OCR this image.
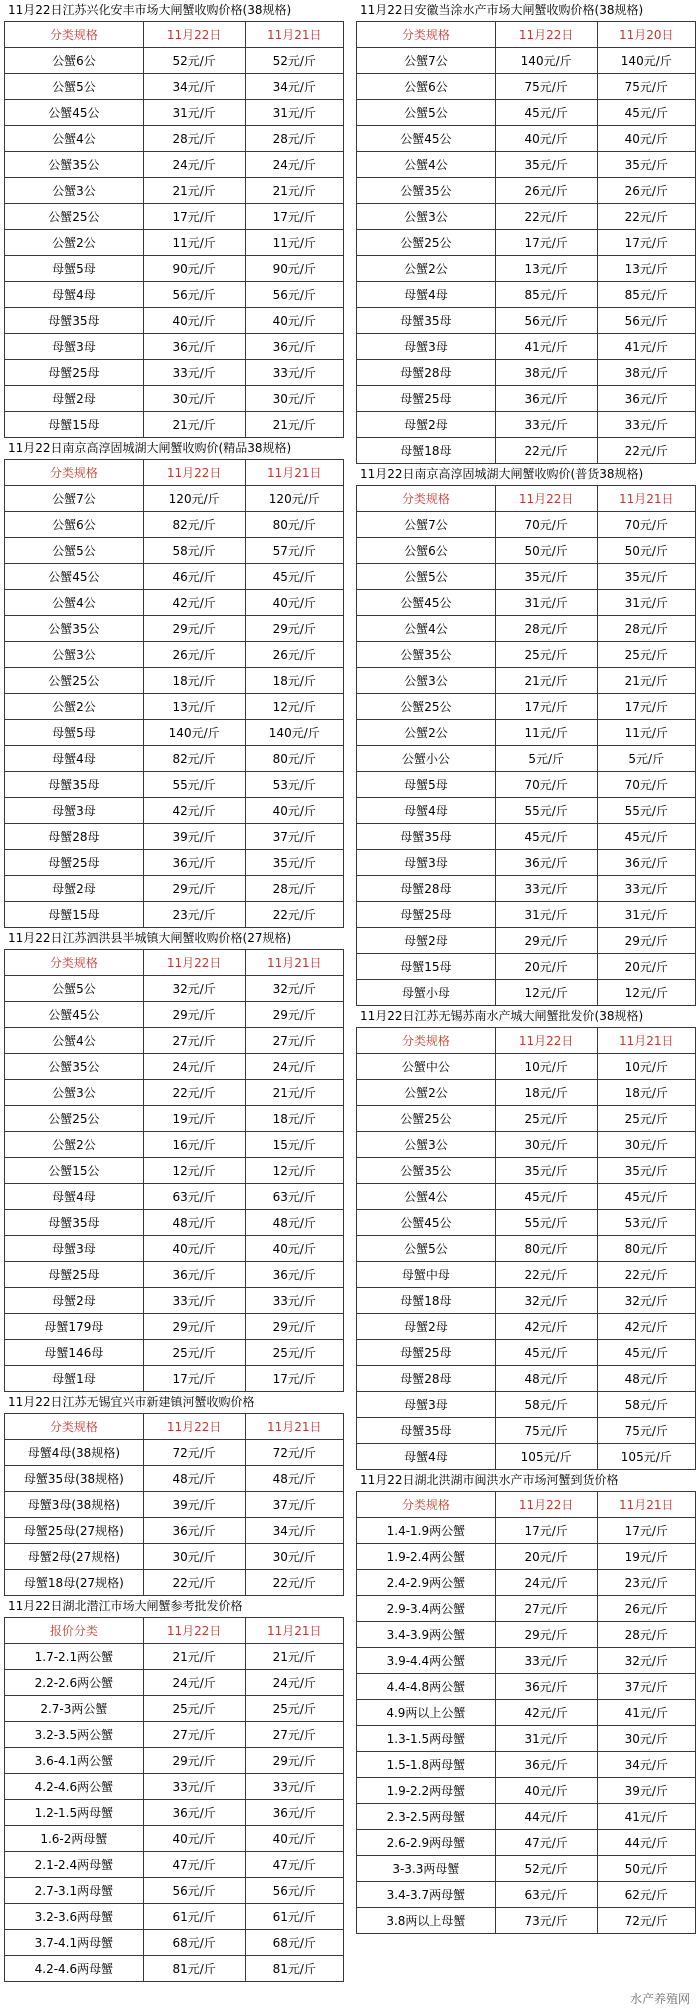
11月22日江苏兴化安丰市场大闸蟹收购价格(38规格)
分类规格	11月22日	11月21日
公蟹6公	52元/斤	52元/斤
公蟹5公	34元/斤	34元/斤
公蟹45公	31元/斤	31元/斤
公蟹4公	28元/斤	28元/斤
公蟹35公	24元/斤	24元/斤
公蟹3公	21元/斤	21元/斤
公蟹25公	17元/斤	17元/斤
公蟹2公	11元/斤	11元/斤
母蟹5母	90元/斤	90元/斤
母蟹4母	56元/斤	56元/斤
母蟹35母	40元/斤	40元/斤
母蟹3母	36元/斤	36元/斤
母蟹25母	33元/斤	33元/斤
母蟹2母	30元/斤	30元/斤
母蟹15母	21元/斤	21元/斤
11月22日南京高淳固城湖大闸蟹收购价(精品38规格)
分类规格	11月22日	11月21日
公蟹7公	120元/斤	120元/斤
公蟹6公	82元/斤	80元/斤
公蟹5公	58元/斤	57元/斤
公蟹45公	46元/斤	45元/斤
公蟹4公	42元/斤	40元/斤
公蟹35公	29元/斤	29元/斤
公蟹3公	26元/斤	26元/斤
公蟹25公	18元/斤	18元/斤
公蟹2公	13元/斤	12元/斤
母蟹5母	140元/斤	140元/斤
母蟹4母	82元/斤	80元/斤
母蟹35母	55元/斤	53元/斤
母蟹3母	42元/斤	40元/斤
母蟹28母	39元/斤	37元/斤
母蟹25母	36元/斤	35元/斤
母蟹2母	29元/斤	28元/斤
母蟹15母	23元/斤	22元/斤
11月22日江苏泗洪县半城镇大闸蟹收购价格(27规格)
分类规格	11月22日	11月21日
公蟹5公	32元/斤	32元/斤
公蟹45公	29元/斤	29元/斤
公蟹4公	27元/斤	27元/斤
公蟹35公	24元/斤	24元/斤
公蟹3公	22元/斤	21元/斤
公蟹25公	19元/斤	18元/斤
公蟹2公	16元/斤	15元/斤
公蟹15公	12元/斤	12元/斤
母蟹4母	63元/斤	63元/斤
母蟹35母	48元/斤	48元/斤
母蟹3母	40元/斤	40元/斤
母蟹25母	36元/斤	36元/斤
母蟹2母	33元/斤	33元/斤
母蟹179母	29元/斤	29元/斤
母蟹146母	25元/斤	25元/斤
母蟹1母	17元/斤	17元/斤
11月22日江苏无锡宜兴市新建镇河蟹收购价格
分类规格	11月22日	11月21日
母蟹4母(38规格)	72元/斤	72元/斤
母蟹35母(38规格)	48元/斤	48元/斤
母蟹3母(38规格)	39元/斤	37元/斤
母蟹25母(27规格)	36元/斤	34元/斤
母蟹2母(27规格)	30元/斤	30元/斤
母蟹18母(27规格)	22元/斤	22元/斤
11月22日湖北潜江市场大闸蟹参考批发价格
报价分类	11月22日	11月21日
1.7-2.1两公蟹	21元/斤	21元/斤
2.2-2.6两公蟹	24元/斤	24元/斤
2.7-3两公蟹	25元/斤	25元/斤
3.2-3.5两公蟹	27元/斤	27元/斤
3.6-4.1两公蟹	29元/斤	29元/斤
4.2-4.6两公蟹	33元/斤	33元/斤
1.2-1.5两母蟹	36元/斤	36元/斤
1.6-2两母蟹	40元/斤	40元/斤
2.1-2.4两母蟹	47元/斤	47元/斤
2.7-3.1两母蟹	56元/斤	56元/斤
3.2-3.6两母蟹	61元/斤	61元/斤
3.7-4.1两母蟹	68元/斤	68元/斤
4.2-4.6两母蟹	81元/斤	81元/斤
11月22日安徽当涂水产市场大闸蟹收购价格(38规格)
分类规格	11月22日	11月20日
公蟹7公	140元/斤	140元/斤
公蟹6公	75元/斤	75元/斤
公蟹5公	45元/斤	45元/斤
公蟹45公	40元/斤	40元/斤
公蟹4公	35元/斤	35元/斤
公蟹35公	26元/斤	26元/斤
公蟹3公	22元/斤	22元/斤
公蟹25公	17元/斤	17元/斤
公蟹2公	13元/斤	13元/斤
母蟹4母	85元/斤	85元/斤
母蟹35母	56元/斤	56元/斤
母蟹3母	41元/斤	41元/斤
母蟹28母	38元/斤	38元/斤
母蟹25母	36元/斤	36元/斤
母蟹2母	33元/斤	33元/斤
母蟹18母	22元/斤	22元/斤
11月22日南京高淳固城湖大闸蟹收购价(普货38规格)
分类规格	11月22日	11月21日
公蟹7公	70元/斤	70元/斤
公蟹6公	50元/斤	50元/斤
公蟹5公	35元/斤	35元/斤
公蟹45公	31元/斤	31元/斤
公蟹4公	28元/斤	28元/斤
公蟹35公	25元/斤	25元/斤
公蟹3公	21元/斤	21元/斤
公蟹25公	17元/斤	17元/斤
公蟹2公	11元/斤	11元/斤
公蟹小公	5元/斤	5元/斤
母蟹5母	70元/斤	70元/斤
母蟹4母	55元/斤	55元/斤
母蟹35母	45元/斤	45元/斤
母蟹3母	36元/斤	36元/斤
母蟹28母	33元/斤	33元/斤
母蟹25母	31元/斤	31元/斤
母蟹2母	29元/斤	29元/斤
母蟹15母	20元/斤	20元/斤
母蟹小母	12元/斤	12元/斤
11月22日江苏无锡苏南水产城大闸蟹批发价(38规格)
分类规格	11月22日	11月21日
公蟹中公	10元/斤	10元/斤
公蟹2公	18元/斤	18元/斤
公蟹25公	25元/斤	25元/斤
公蟹3公	30元/斤	30元/斤
公蟹35公	35元/斤	35元/斤
公蟹4公	45元/斤	45元/斤
公蟹45公	55元/斤	53元/斤
公蟹5公	80元/斤	80元/斤
母蟹中母	22元/斤	22元/斤
母蟹18母	32元/斤	32元/斤
母蟹2母	42元/斤	42元/斤
母蟹25母	45元/斤	45元/斤
母蟹28母	48元/斤	48元/斤
母蟹3母	58元/斤	58元/斤
母蟹35母	75元/斤	75元/斤
母蟹4母	105元/斤	105元/斤
11月22日湖北洪湖市闽洪水产市场河蟹到货价格
分类规格	11月22日	11月21日
1.4-1.9两公蟹	17元/斤	17元/斤
1.9-2.4两公蟹	20元/斤	19元/斤
2.4-2.9两公蟹	24元/斤	23元/斤
2.9-3.4两公蟹	27元/斤	26元/斤
3.4-3.9两公蟹	29元/斤	28元/斤
3.9-4.4两公蟹	33元/斤	32元/斤
4.4-4.8两公蟹	36元/斤	37元/斤
4.9两以上公蟹	42元/斤	41元/斤
1.3-1.5两母蟹	31元/斤	30元/斤
1.5-1.8两母蟹	36元/斤	34元/斤
1.9-2.2两母蟹	40元/斤	39元/斤
2.3-2.5两母蟹	44元/斤	41元/斤
2.6-2.9两母蟹	47元/斤	44元/斤
3-3.3两母蟹	52元/斤	50元/斤
3.4-3.7两母蟹	63元/斤	62元/斤
3.8两以上母蟹	73元/斤	72元/斤
水产养殖网
